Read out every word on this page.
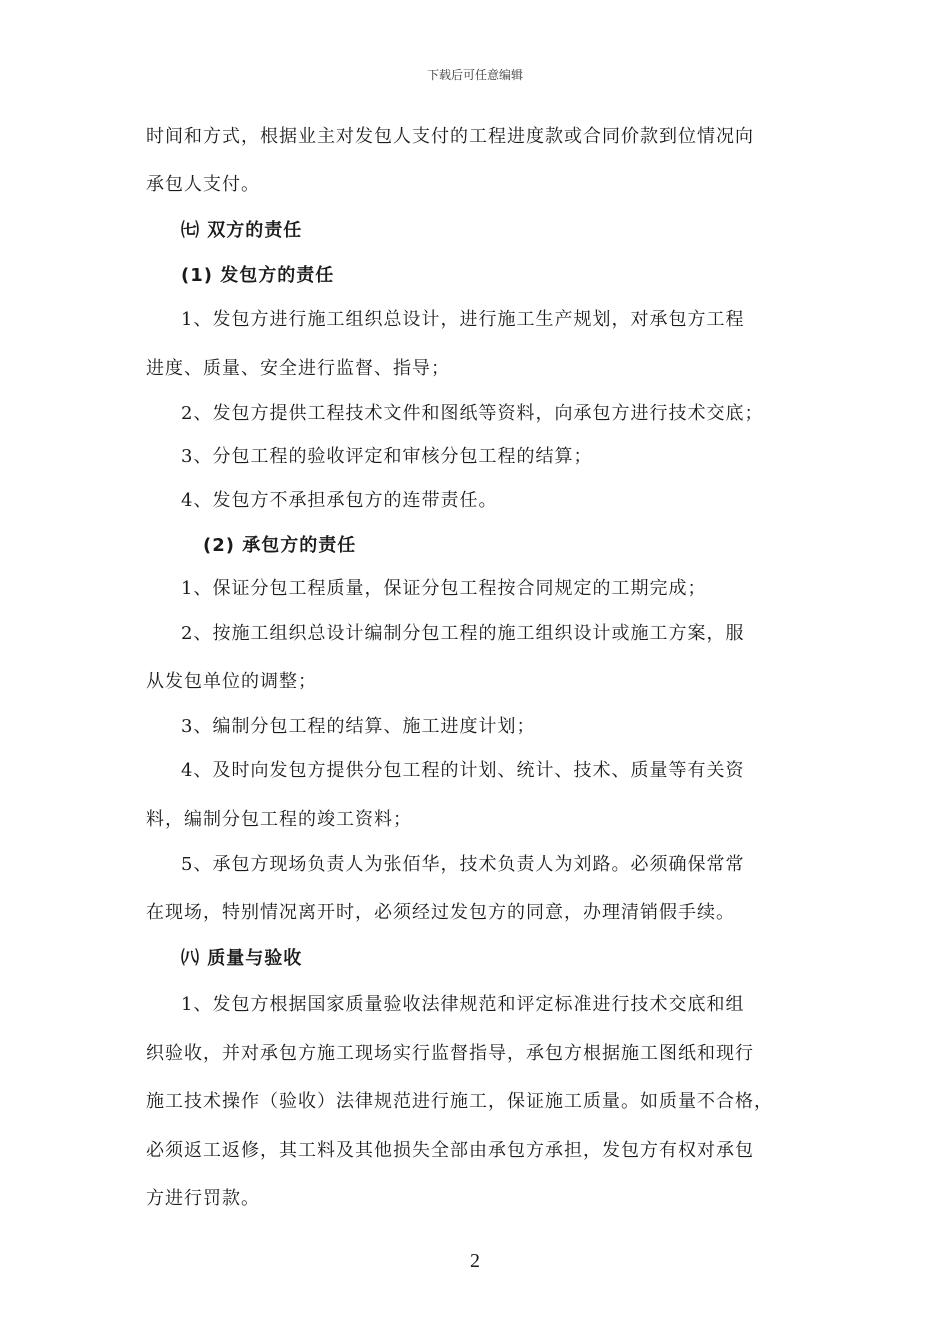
下载后可任意编辑
时间和方式，根据业主对发包人支付的工程进度款或合同价款到位情况向
承包人支付。
㈦ 双方的责任
(1) 发包方的责任
1、发包方进行施工组织总设计，进行施工生产规划，对承包方工程
进度、质量、安全进行监督、指导；
2、发包方提供工程技术文件和图纸等资料，向承包方进行技术交底；
3、分包工程的验收评定和审核分包工程的结算；
4、发包方不承担承包方的连带责任。
(2) 承包方的责任
1、保证分包工程质量，保证分包工程按合同规定的工期完成；
2、按施工组织总设计编制分包工程的施工组织设计或施工方案，服
从发包单位的调整；
3、编制分包工程的结算、施工进度计划；
4、及时向发包方提供分包工程的计划、统计、技术、质量等有关资
料，编制分包工程的竣工资料；
5、承包方现场负责人为张佰华，技术负责人为刘路。必须确保常常
在现场，特别情况离开时，必须经过发包方的同意，办理清销假手续。
㈧ 质量与验收
1、发包方根据国家质量验收法律规范和评定标准进行技术交底和组
织验收，并对承包方施工现场实行监督指导，承包方根据施工图纸和现行
施工技术操作（验收）法律规范进行施工，保证施工质量。如质量不合格，
必须返工返修，其工料及其他损失全部由承包方承担，发包方有权对承包
方进行罚款。
2
